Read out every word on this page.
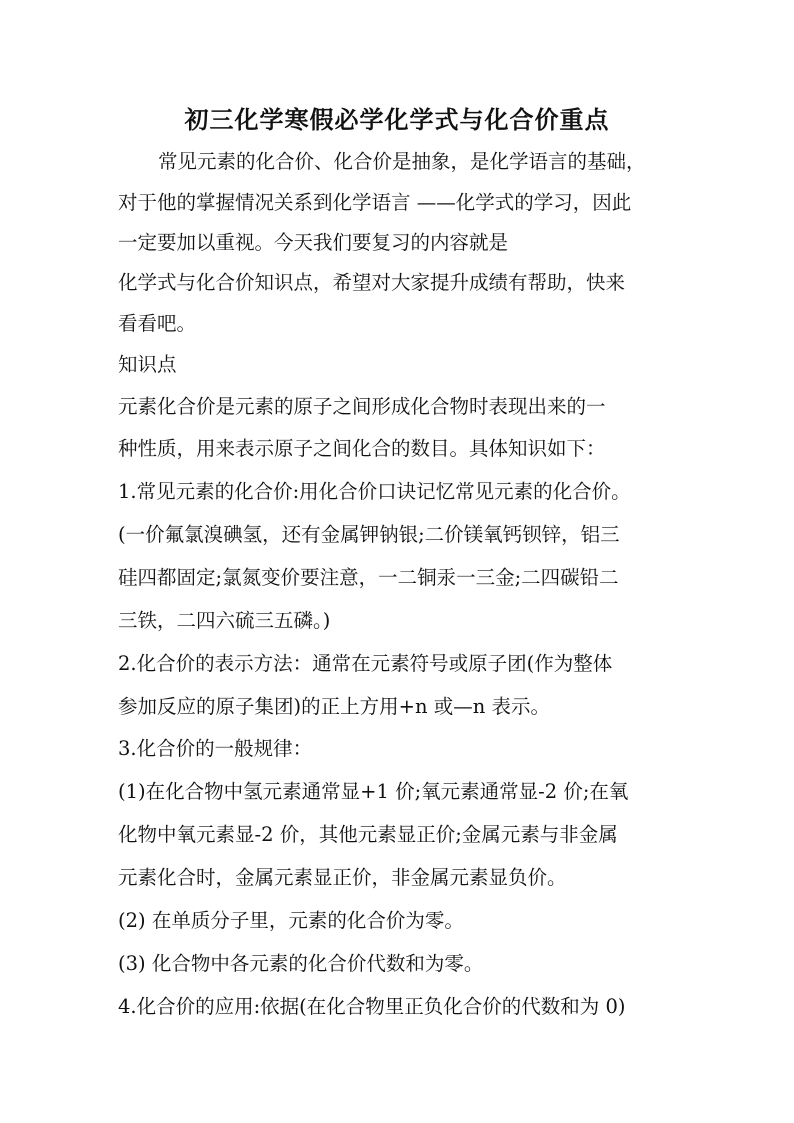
初三化学寒假必学化学式与化合价重点
常见元素的化合价、化合价是抽象，是化学语言的基础，
对于他的掌握情况关系到化学语言 ——化学式的学习，因此
一定要加以重视。今天我们要复习的内容就是
化学式与化合价知识点，希望对大家提升成绩有帮助，快来
看看吧。
知识点
元素化合价是元素的原子之间形成化合物时表现出来的一
种性质，用来表示原子之间化合的数目。具体知识如下：
1.常见元素的化合价:用化合价口诀记忆常见元素的化合价。
(一价氟氯溴碘氢，还有金属钾钠银;二价镁氧钙钡锌，铝三
硅四都固定;氯氮变价要注意，一二铜汞一三金;二四碳铅二
三铁，二四六硫三五磷。)
2.化合价的表示方法：通常在元素符号或原子团(作为整体
参加反应的原子集团)的正上方用+n 或—n 表示。
3.化合价的一般规律：
(1)在化合物中氢元素通常显+1 价;氧元素通常显-2 价;在氧
化物中氧元素显-2 价，其他元素显正价;金属元素与非金属
元素化合时，金属元素显正价，非金属元素显负价。
(2) 在单质分子里，元素的化合价为零。
(3) 化合物中各元素的化合价代数和为零。
4.化合价的应用:依据(在化合物里正负化合价的代数和为 0)
